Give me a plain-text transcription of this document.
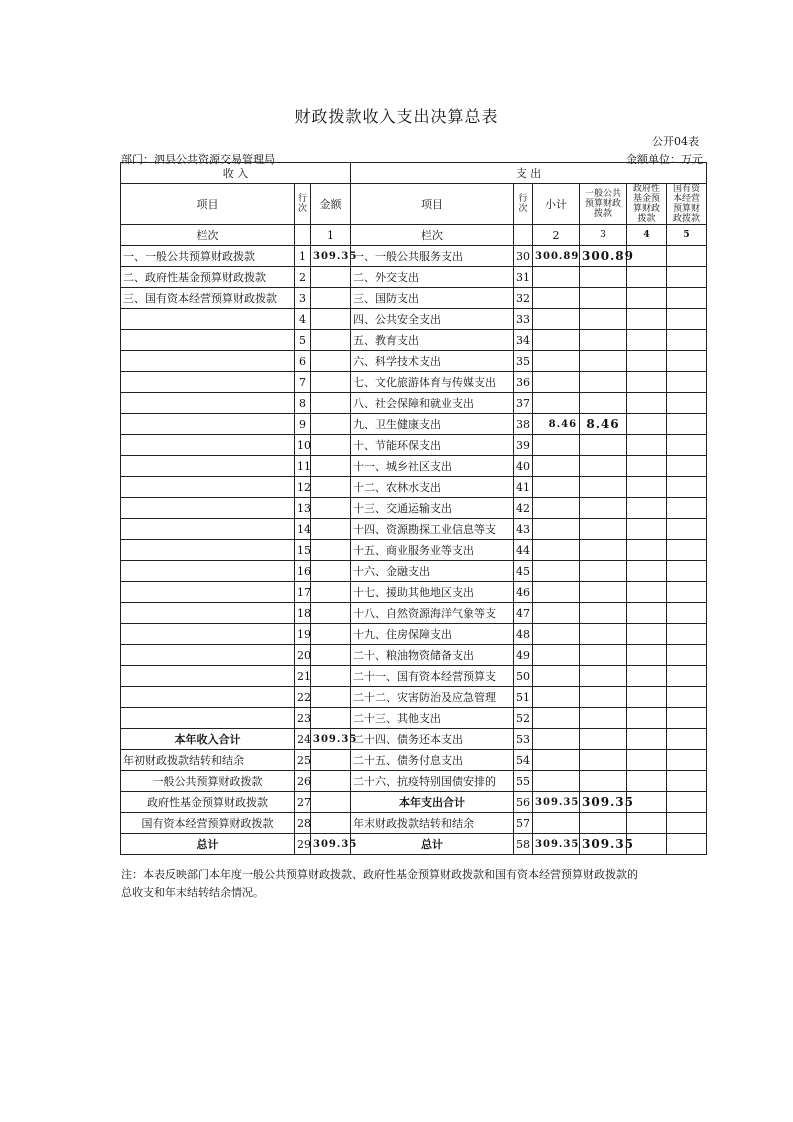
财政拨款收入支出决算总表
公开04表
部门：泗县公共资源交易管理局	金额单位：万元
收 入			支 出					
项目	行次	金额	项目	行次	小计	一般公共预算财政拨款	政府性基金预算财政拨款	国有资本经营预算财政拨款
栏次		1	栏次		2	3	4	5
一、一般公共预算财政拨款	1	309.35	一、一般公共服务支出	30	300.89	300.89		
二、政府性基金预算财政拨款	2		二、外交支出	31				
三、国有资本经营预算财政拨款	3		三、国防支出	32				
	4		四、公共安全支出	33				
	5		五、教育支出	34				
	6		六、科学技术支出	35				
	7		七、文化旅游体育与传媒支出	36				
	8		八、社会保障和就业支出	37				
	9		九、卫生健康支出	38	8.46	8.46		
	10		十、节能环保支出	39				
	11		十一、城乡社区支出	40				
	12		十二、农林水支出	41				
	13		十三、交通运输支出	42				
	14		十四、资源勘探工业信息等支	43				
	15		十五、商业服务业等支出	44				
	16		十六、金融支出	45				
	17		十七、援助其他地区支出	46				
	18		十八、自然资源海洋气象等支	47				
	19		十九、住房保障支出	48				
	20		二十、粮油物资储备支出	49				
	21		二十一、国有资本经营预算支	50				
	22		二十二、灾害防治及应急管理	51				
	23		二十三、其他支出	52				
本年收入合计	24	309.35	二十四、债务还本支出	53				
年初财政拨款结转和结余	25		二十五、债务付息支出	54				
一般公共预算财政拨款	26		二十六、抗疫特别国债安排的	55				
政府性基金预算财政拨款	27		本年支出合计	56	309.35	309.35		
国有资本经营预算财政拨款	28		年末财政拨款结转和结余	57				
总计	29	309.35	总计	58	309.35	309.35		
注：本表反映部门本年度一般公共预算财政拨款、政府性基金预算财政拨款和国有资本经营预算财政拨款的
总收支和年末结转结余情况。
